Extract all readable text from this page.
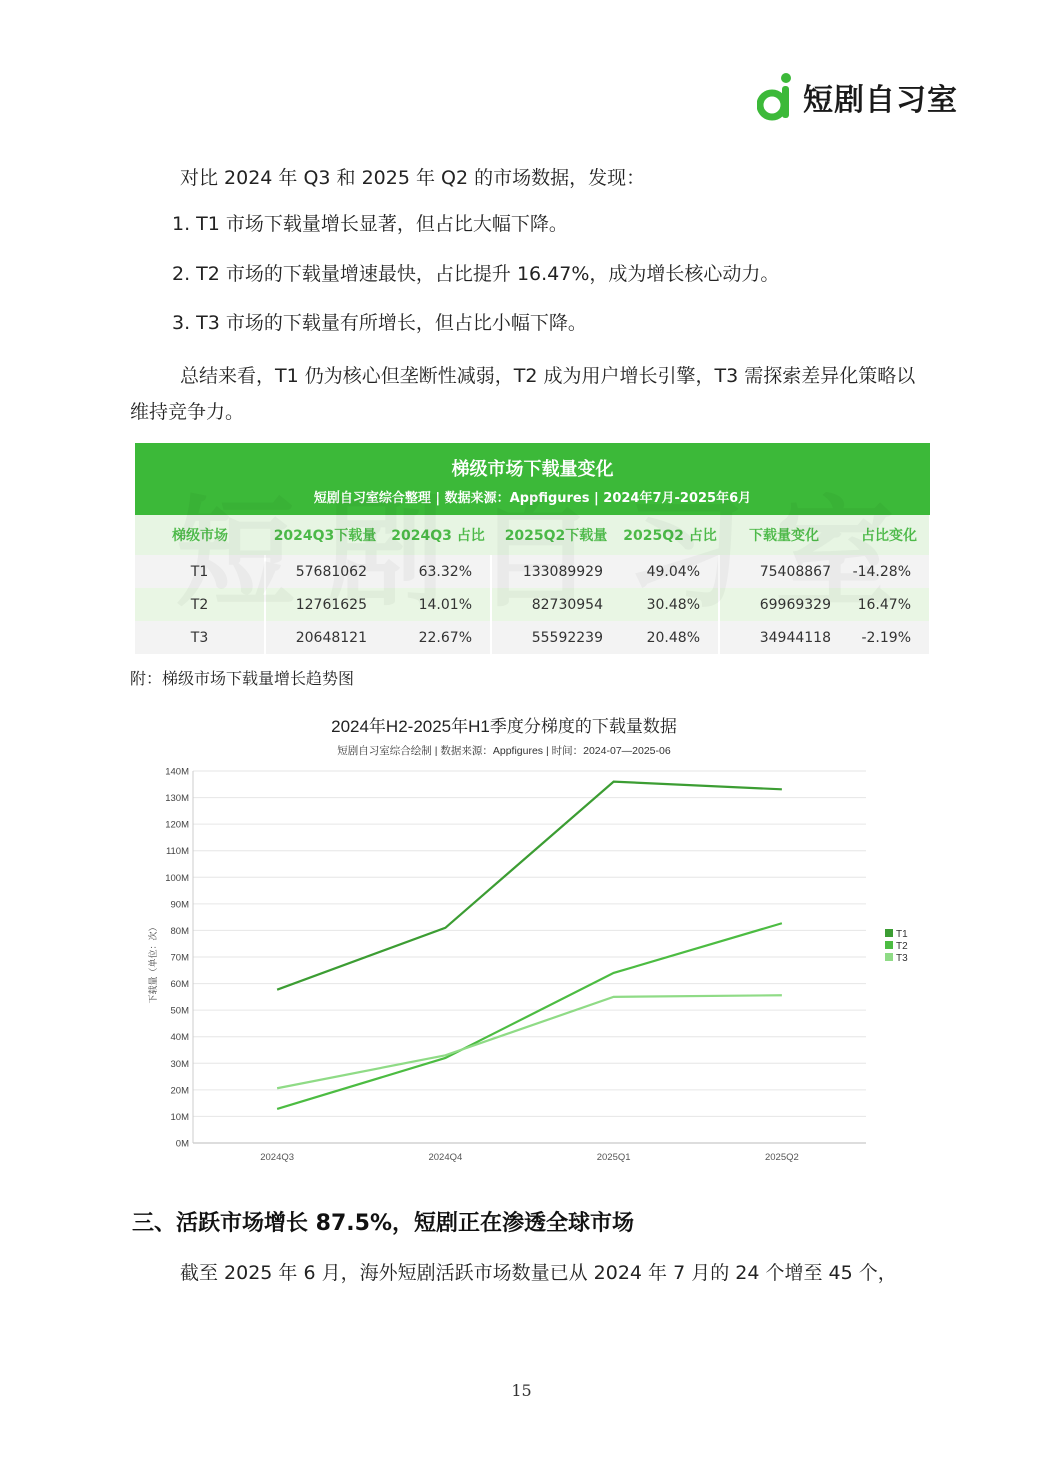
短剧自习室
对比 2024 年 Q3 和 2025 年 Q2 的市场数据，发现：
1. T1 市场下载量增长显著，但占比大幅下降。
2. T2 市场的下载量增速最快，占比提升 16.47%，成为增长核心动力。
3. T3 市场的下载量有所增长，但占比小幅下降。
总结来看，T1 仍为核心但垄断性减弱，T2 成为用户增长引擎，T3 需探索差异化策略以维持竞争力。
梯级市场下载量变化
短剧自习室综合整理 | 数据来源：Appfigures | 2024年7月-2025年6月
梯级市场	2024Q3下载量	2024Q3 占比	2025Q2下载量	2025Q2 占比	下载量变化	占比变化
T1	57681062	63.32%	133089929	49.04%	75408867	-14.28%
T2	12761625	14.01%	82730954	30.48%	69969329	16.47%
T3	20648121	22.67%	55592239	20.48%	34944118	-2.19%
附：梯级市场下载量增长趋势图
2024年H2-2025年H1季度分梯度的下载量数据
短剧自习室综合绘制 | 数据来源：Appfigures | 时间：2024-07—2025-06
下载量（单位：次）
0M
10M
20M
30M
40M
50M
60M
70M
80M
90M
100M
110M
120M
130M
140M
2024Q3	2024Q4	2025Q1	2025Q2
T1
T2
T3
三、活跃市场增长 87.5%，短剧正在渗透全球市场
截至 2025 年 6 月，海外短剧活跃市场数量已从 2024 年 7 月的 24 个增至 45 个，
15
